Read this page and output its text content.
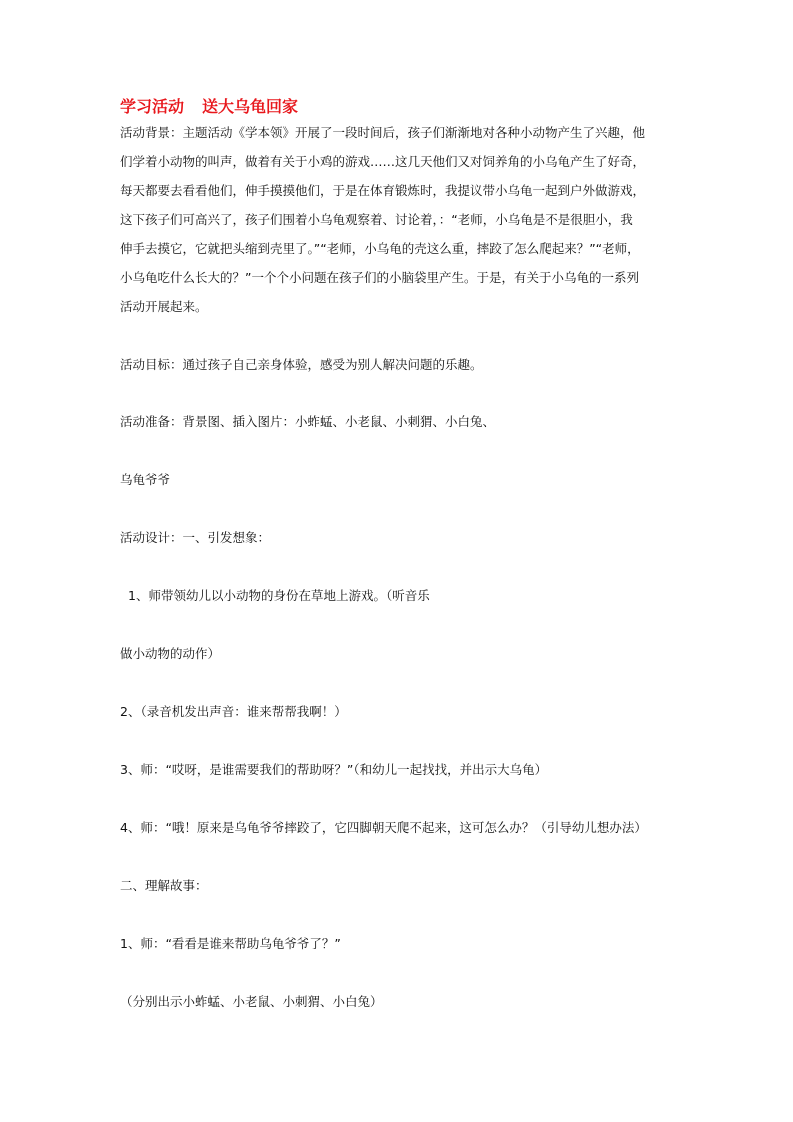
学习活动 送大乌龟回家
活动背景：主题活动《学本领》开展了一段时间后，孩子们渐渐地对各种小动物产生了兴趣，他
们学着小动物的叫声，做着有关于小鸡的游戏……这几天他们又对饲养角的小乌龟产生了好奇，
每天都要去看看他们，伸手摸摸他们，于是在体育锻炼时，我提议带小乌龟一起到户外做游戏，
这下孩子们可高兴了，孩子们围着小乌龟观察着、讨论着，：“老师，小乌龟是不是很胆小，我
伸手去摸它，它就把头缩到壳里了。”“老师，小乌龟的壳这么重，摔跤了怎么爬起来？”“老师，
小乌龟吃什么长大的？”一个个小问题在孩子们的小脑袋里产生。于是，有关于小乌龟的一系列
活动开展起来。
活动目标：通过孩子自己亲身体验，感受为别人解决问题的乐趣。
活动准备：背景图、插入图片：小蚱蜢、小老鼠、小刺猬、小白兔、
乌龟爷爷
活动设计：一、引发想象：
1、师带领幼儿以小动物的身份在草地上游戏。（听音乐
做小动物的动作）
2、（录音机发出声音：谁来帮帮我啊！）
3、师：“哎呀，是谁需要我们的帮助呀？”（和幼儿一起找找，并出示大乌龟）
4、师：“哦！原来是乌龟爷爷摔跤了，它四脚朝天爬不起来，这可怎么办？（引导幼儿想办法）
二、理解故事：
1、师：“看看是谁来帮助乌龟爷爷了？”
（分别出示小蚱蜢、小老鼠、小刺猬、小白兔）
